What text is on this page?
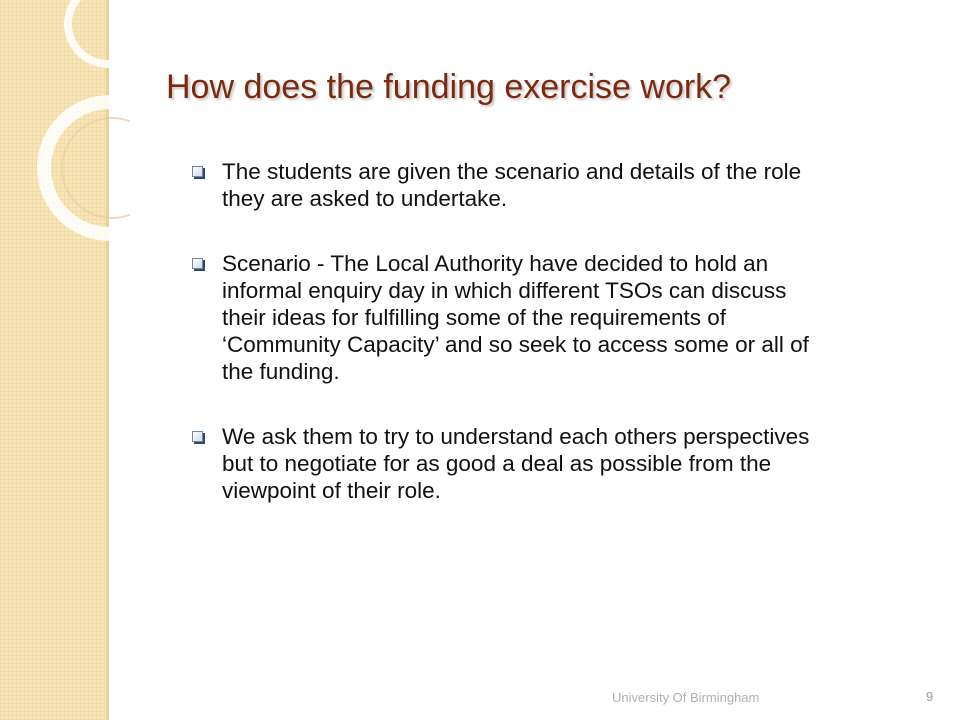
How does the funding exercise work?
The students are given the scenario and details of the role they are asked to undertake.
Scenario - The Local Authority have decided to hold an informal enquiry day in which different TSOs can discuss their ideas for fulfilling some of the requirements of ‘Community Capacity’ and so seek to access some or all of the funding.
We ask them to try to understand each others perspectives but to negotiate for as good a deal as possible from the viewpoint of their role.
University Of Birmingham	9
